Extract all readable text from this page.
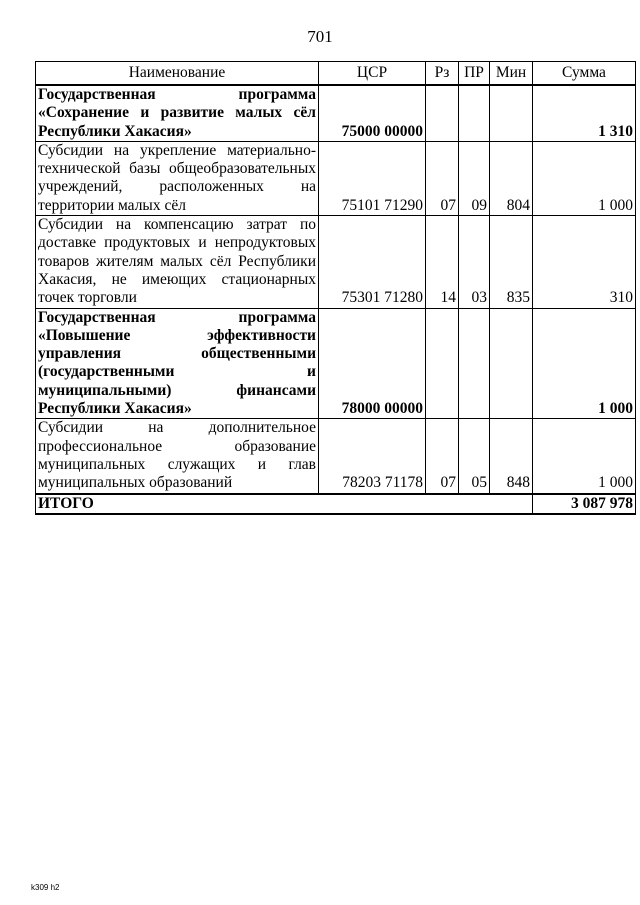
701
Наименование	ЦСР	Рз	ПР	Мин	Сумма
Государственная программа «Сохранение и развитие малых сёл Республики Хакасия»	75000 00000				1 310
Субсидии на укрепление материально-технической базы общеобразовательных учреждений, расположенных на территории малых сёл	75101 71290	07	09	804	1 000
Субсидии на компенсацию затрат по доставке продуктовых и непродуктовых товаров жителям малых сёл Республики Хакасия, не имеющих стационарных точек торговли	75301 71280	14	03	835	310
Государственная программа «Повышение эффективности управления общественными (государственными и муниципальными) финансами Республики Хакасия»	78000 00000				1 000
Субсидии на дополнительное профессиональное образование муниципальных служащих и глав муниципальных образований	78203 71178	07	05	848	1 000
ИТОГО					3 087 978
k309 h2
